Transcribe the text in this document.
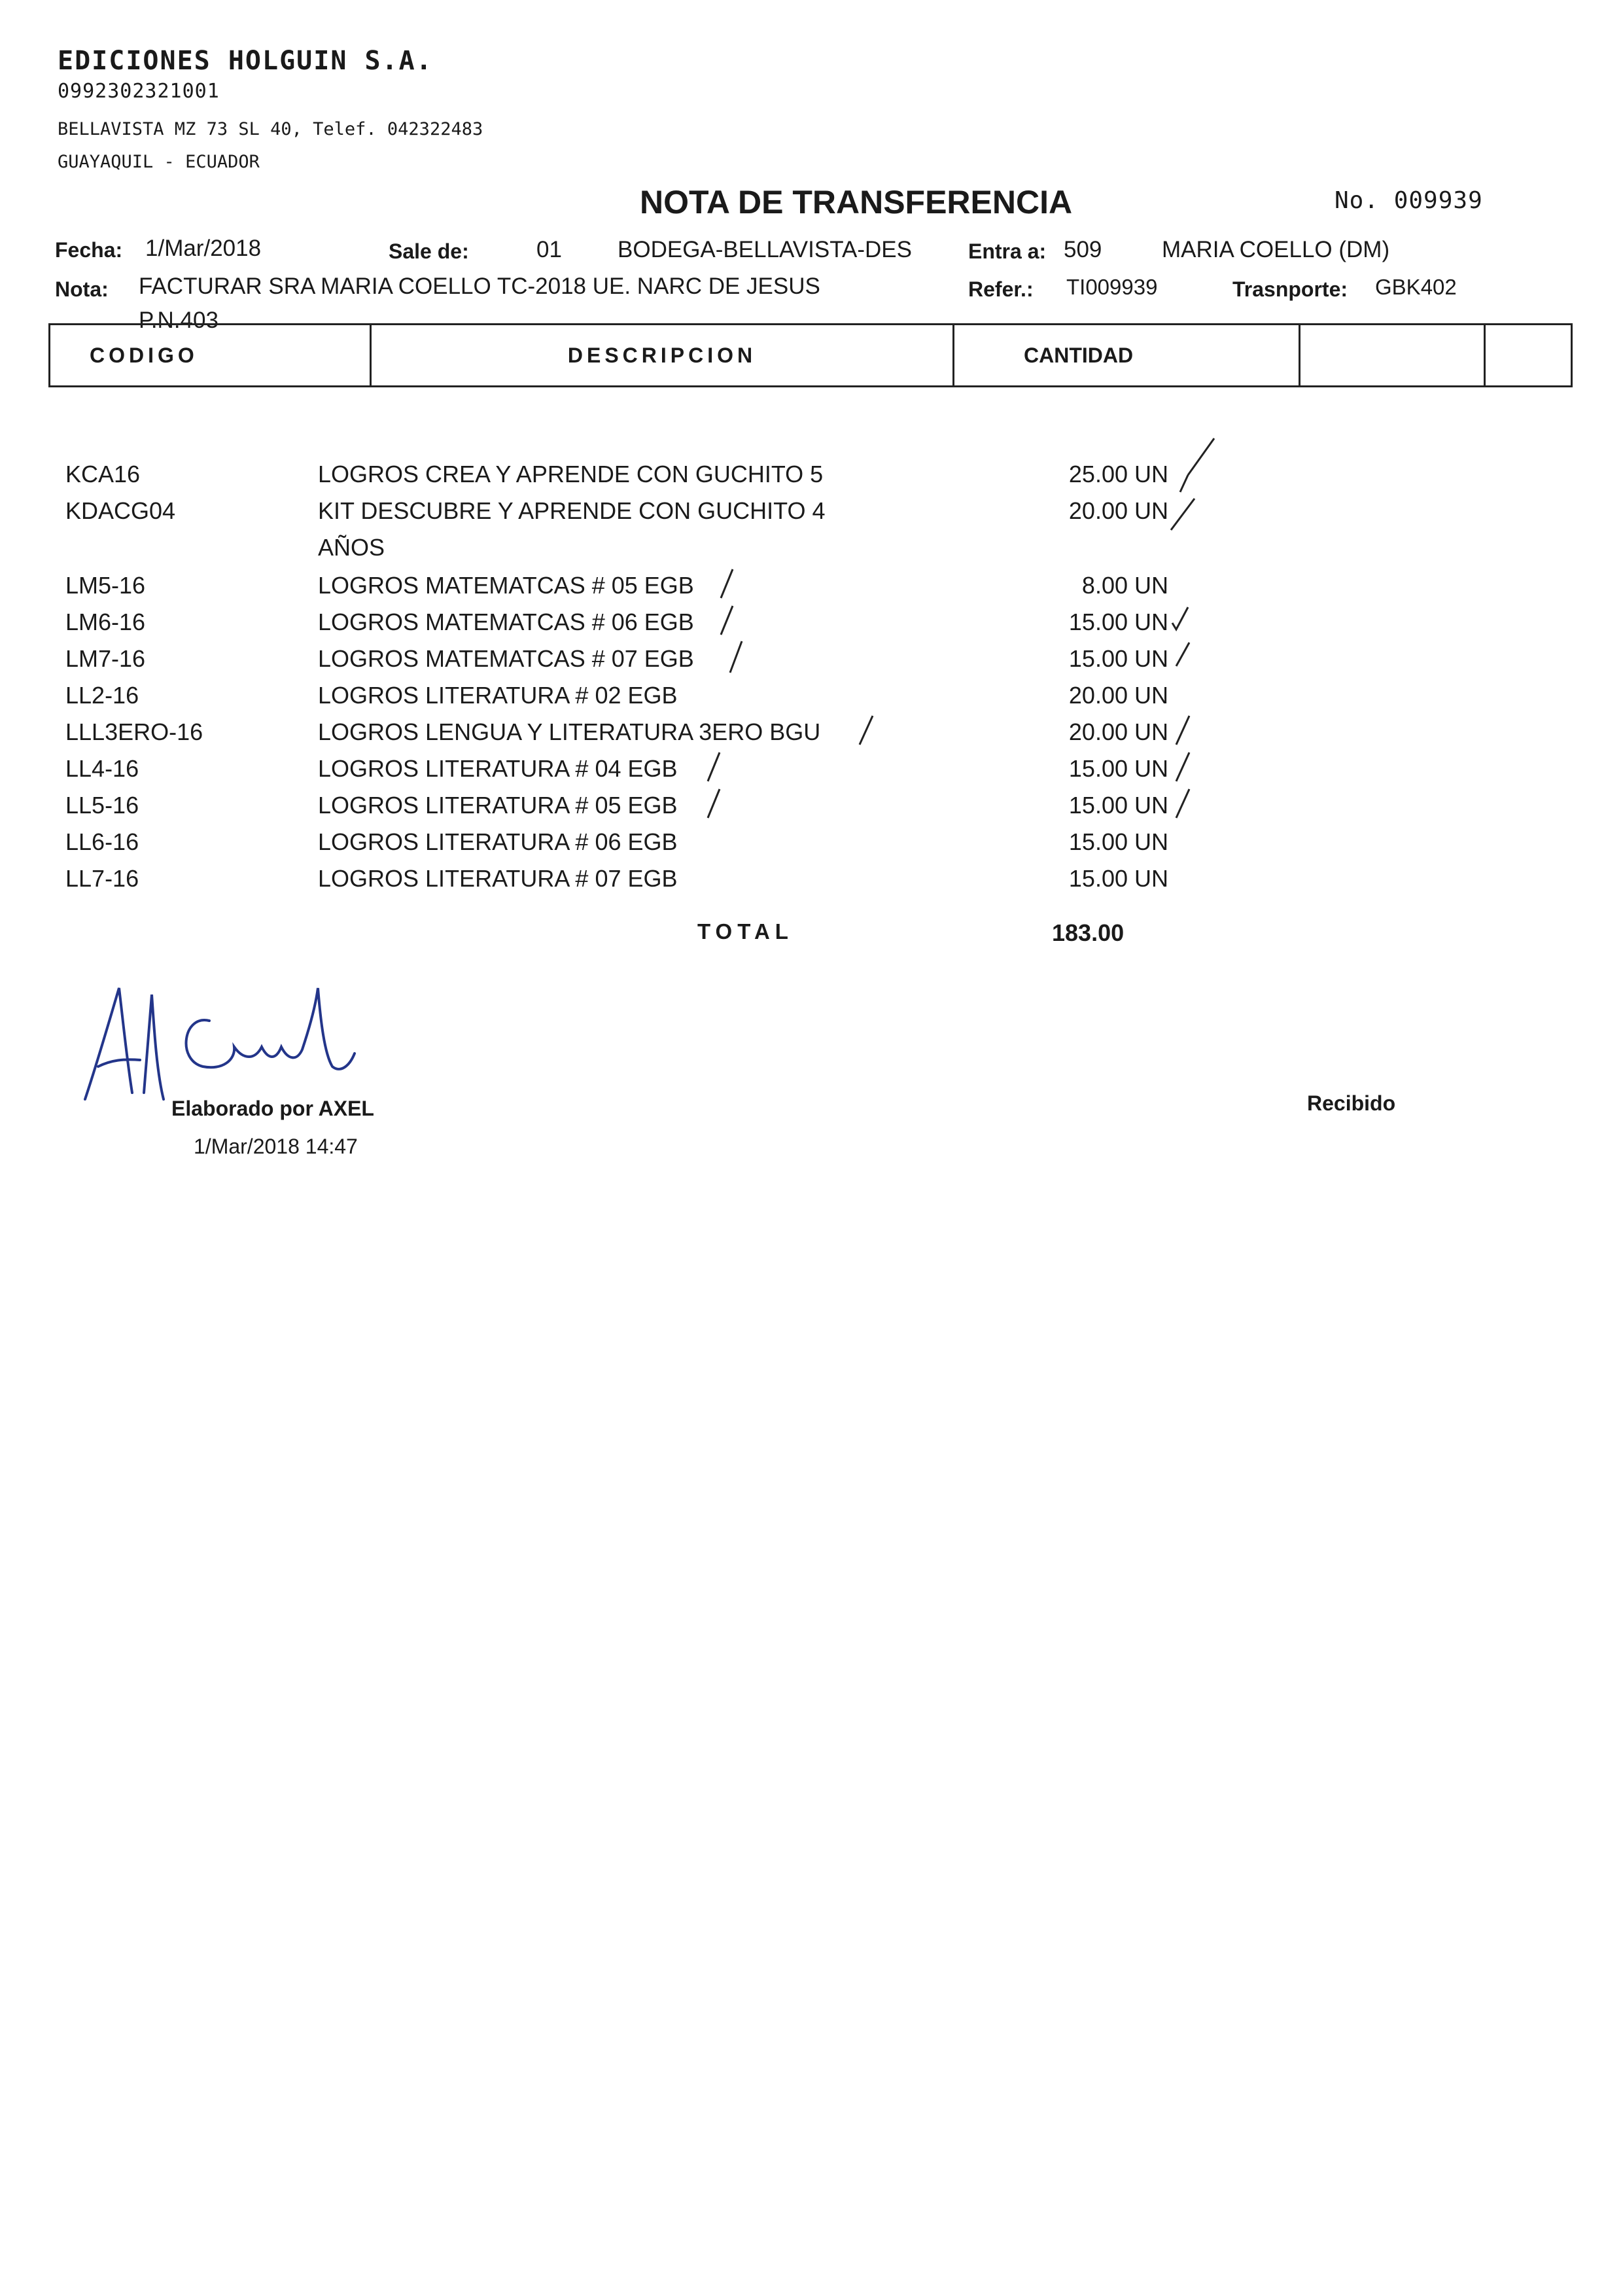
EDICIONES HOLGUIN S.A.
0992302321001
BELLAVISTA MZ 73 SL 40, Telef. 042322483
GUAYAQUIL - ECUADOR
NOTA DE TRANSFERENCIA	No. 009939
Fecha: 1/Mar/2018	Sale de:	01 BODEGA-BELLAVISTA-DES	Entra a: 509	MARIA COELLO (DM)
Nota: FACTURAR SRA MARIA COELLO TC-2018 UE. NARC DE JESUS
P.N.403
Refer.: TI009939	Trasnporte: GBK402
CODIGO	DESCRIPCION	CANTIDAD		
KCA16	LOGROS CREA Y APRENDE CON GUCHITO 5	25.00 UN
KDACG04	KIT DESCUBRE Y APRENDE CON GUCHITO 4	20.00 UN
AÑOS
LM5-16	LOGROS MATEMATCAS # 05 EGB	8.00 UN
LM6-16	LOGROS MATEMATCAS # 06 EGB	15.00 UN
LM7-16	LOGROS MATEMATCAS # 07 EGB	15.00 UN
LL2-16	LOGROS LITERATURA # 02 EGB	20.00 UN
LLL3ERO-16	LOGROS LENGUA Y LITERATURA 3ERO BGU	20.00 UN
LL4-16	LOGROS LITERATURA # 04 EGB	15.00 UN
LL5-16	LOGROS LITERATURA # 05 EGB	15.00 UN
LL6-16	LOGROS LITERATURA # 06 EGB	15.00 UN
LL7-16	LOGROS LITERATURA # 07 EGB	15.00 UN
TOTAL	183.00
Elaborado por AXEL
1/Mar/2018 14:47
Recibido
